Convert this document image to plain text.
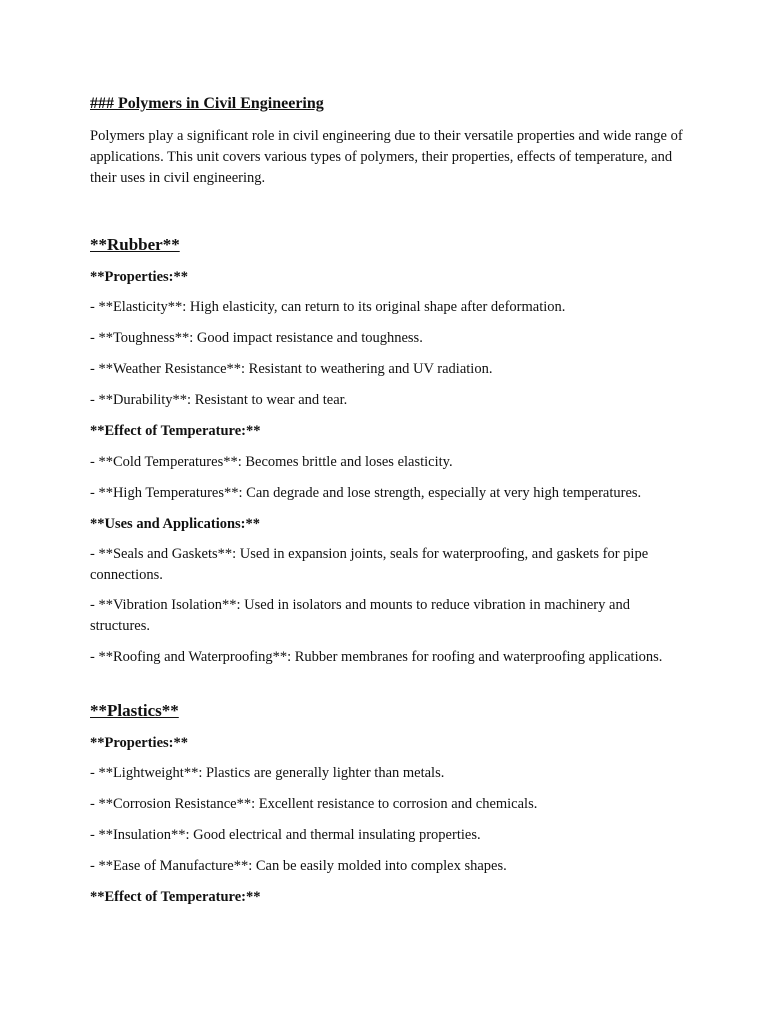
### Polymers in Civil Engineering

Polymers play a significant role in civil engineering due to their versatile properties and wide range of applications. This unit covers various types of polymers, their properties, effects of temperature, and their uses in civil engineering.

**Rubber**
**Properties:**

- **Elasticity**: High elasticity, can return to its original shape after deformation.

- **Toughness**: Good impact resistance and toughness.

- **Weather Resistance**: Resistant to weathering and UV radiation.

- **Durability**: Resistant to wear and tear.

**Effect of Temperature:**

- **Cold Temperatures**: Becomes brittle and loses elasticity.

- **High Temperatures**: Can degrade and lose strength, especially at very high temperatures.

**Uses and Applications:**

- **Seals and Gaskets**: Used in expansion joints, seals for waterproofing, and gaskets for pipe connections.

- **Vibration Isolation**: Used in isolators and mounts to reduce vibration in machinery and structures.

- **Roofing and Waterproofing**: Rubber membranes for roofing and waterproofing applications.

**Plastics**
**Properties:**

- **Lightweight**: Plastics are generally lighter than metals.

- **Corrosion Resistance**: Excellent resistance to corrosion and chemicals.

- **Insulation**: Good electrical and thermal insulating properties.

- **Ease of Manufacture**: Can be easily molded into complex shapes.

**Effect of Temperature:**
